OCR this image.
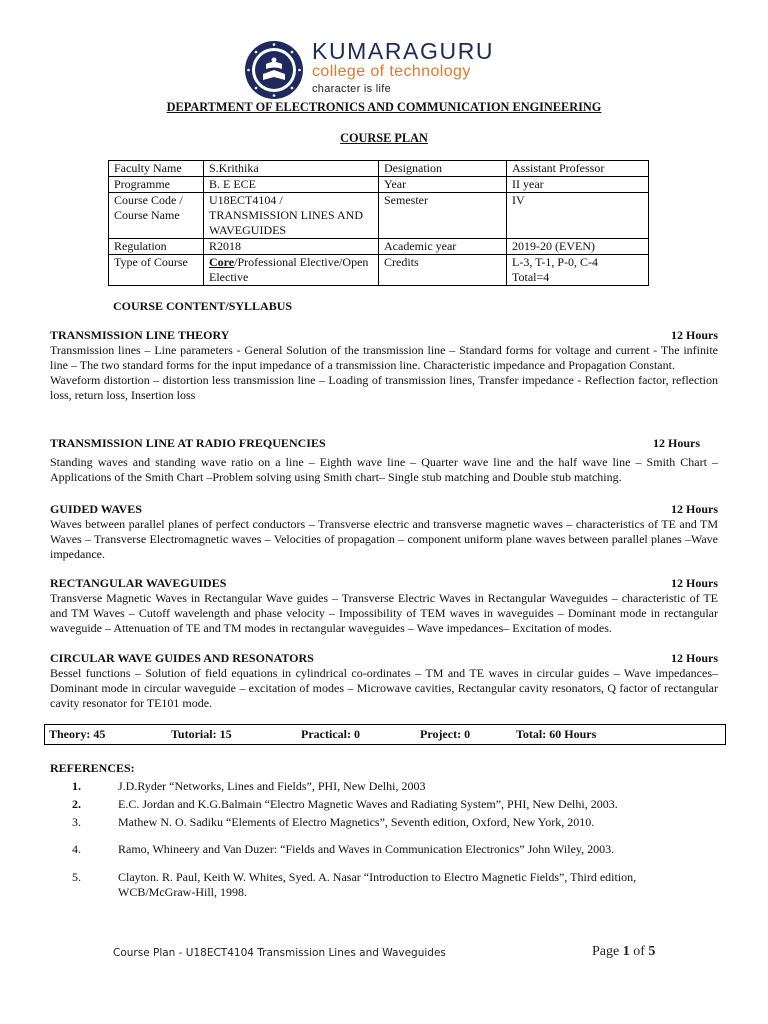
KUMARAGURU
college of technology
character is life
DEPARTMENT OF ELECTRONICS AND COMMUNICATION ENGINEERING
COURSE PLAN
Faculty Name	S.Krithika	Designation	Assistant Professor
Programme	B. E ECE	Year	II year
Course Code / Course Name	U18ECT4104 / TRANSMISSION LINES AND WAVEGUIDES	Semester	IV
Regulation	R2018	Academic year	2019-20 (EVEN)
Type of Course	Core/Professional Elective/Open Elective	Credits	L-3, T-1, P-0, C-4
Total=4
COURSE CONTENT/SYLLABUS
TRANSMISSION LINE THEORY	12 Hours

Transmission lines – Line parameters - General Solution of the transmission line – Standard forms for voltage and current - The infinite line – The two standard forms for the input impedance of a transmission line. Characteristic impedance and Propagation Constant.

Waveform distortion – distortion less transmission line – Loading of transmission lines, Transfer impedance - Reflection factor, reflection loss, return loss, Insertion loss

TRANSMISSION LINE AT RADIO FREQUENCIES	12 Hours

Standing waves and standing wave ratio on a line – Eighth wave line – Quarter wave line and the half wave line – Smith Chart – Applications of the Smith Chart –Problem solving using Smith chart– Single stub matching and Double stub matching.

GUIDED WAVES	12 Hours

Waves between parallel planes of perfect conductors – Transverse electric and transverse magnetic waves – characteristics of TE and TM Waves – Transverse Electromagnetic waves – Velocities of propagation – component uniform plane waves between parallel planes –Wave impedance.

RECTANGULAR WAVEGUIDES	12 Hours

Transverse Magnetic Waves in Rectangular Wave guides – Transverse Electric Waves in Rectangular Waveguides – characteristic of TE and TM Waves – Cutoff wavelength and phase velocity – Impossibility of TEM waves in waveguides – Dominant mode in rectangular waveguide – Attenuation of TE and TM modes in rectangular waveguides – Wave impedances– Excitation of modes.

CIRCULAR WAVE GUIDES AND RESONATORS	12 Hours

Bessel functions – Solution of field equations in cylindrical co-ordinates – TM and TE waves in circular guides – Wave impedances– Dominant mode in circular waveguide – excitation of modes – Microwave cavities, Rectangular cavity resonators, Q factor of rectangular cavity resonator for TE101 mode.

Theory: 45	Tutorial: 15	Practical: 0	Project: 0	Total: 60 Hours
REFERENCES:
1.	J.D.Ryder “Networks, Lines and Fields”, PHI, New Delhi, 2003
2.	E.C. Jordan and K.G.Balmain “Electro Magnetic Waves and Radiating System”, PHI, New Delhi, 2003.
3.	Mathew N. O. Sadiku “Elements of Electro Magnetics”, Seventh edition, Oxford, New York, 2010.
4.	Ramo, Whineery and Van Duzer: “Fields and Waves in Communication Electronics” John Wiley, 2003.
5.	Clayton. R. Paul, Keith W. Whites, Syed. A. Nasar “Introduction to Electro Magnetic Fields”, Third edition, WCB/McGraw-Hill, 1998.
Course Plan - U18ECT4104 Transmission Lines and Waveguides	Page 1 of 5
